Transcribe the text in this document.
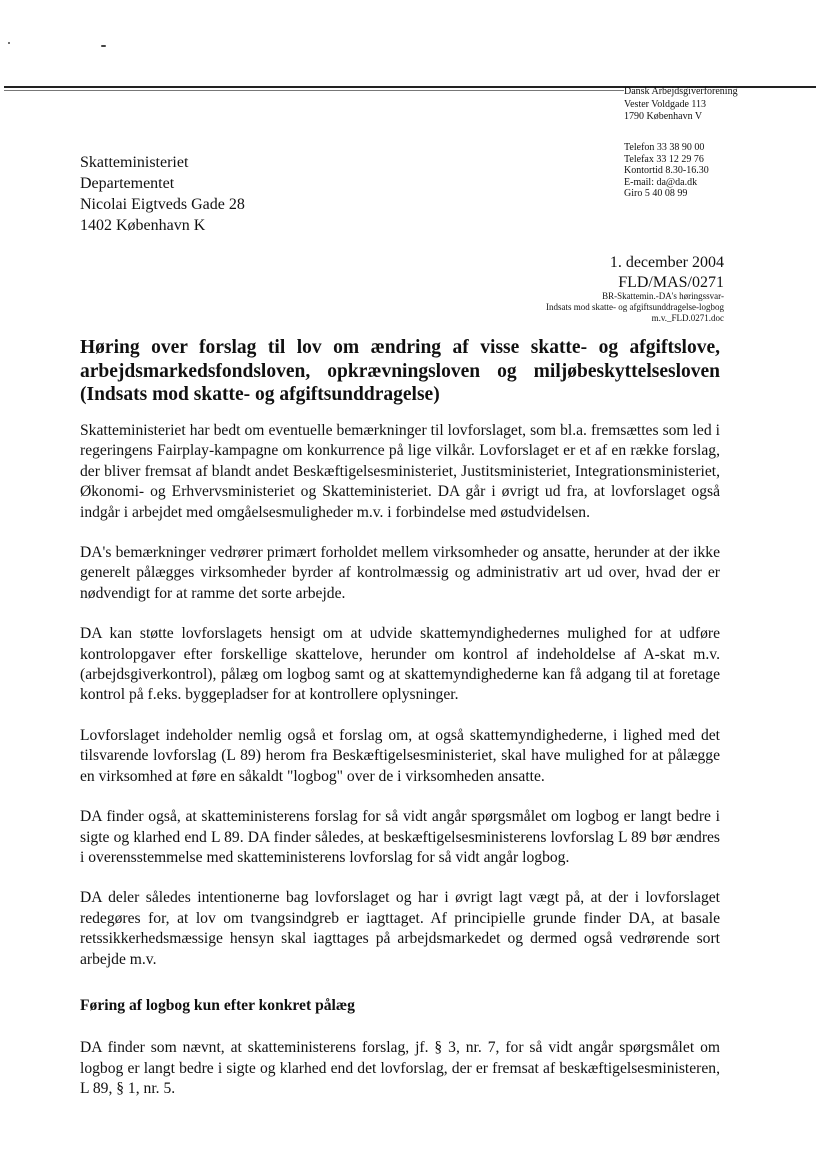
Dansk Arbejdsgiverforening
Vester Voldgade 113
1790 København V
Telefon 33 38 90 00
Telefax 33 12 29 76
Kontortid 8.30-16.30
E-mail: da@da.dk
Giro 5 40 08 99
Skatteministeriet
Departementet
Nicolai Eigtveds Gade 28
1402 København K
1. december 2004
FLD/MAS/0271
BR-Skattemin.-DA's høringssvar-
Indsats mod skatte- og afgiftsunddragelse-logbog
m.v._FLD.0271.doc
Høring over forslag til lov om ændring af visse skatte- og afgiftslove, arbejdsmarkedsfondsloven, opkrævningsloven og miljøbeskyttelsesloven (Indsats mod skatte- og afgiftsunddragelse)

Skatteministeriet har bedt om eventuelle bemærkninger til lovforslaget, som bl.a. fremsættes som led i regeringens Fairplay-kampagne om konkurrence på lige vilkår. Lovforslaget er et af en række forslag, der bliver fremsat af blandt andet Beskæftigelsesministeriet, Justitsministeriet, Integrationsministeriet, Økonomi- og Erhvervsministeriet og Skatteministeriet. DA går i øvrigt ud fra, at lovforslaget også indgår i arbejdet med omgåelsesmuligheder m.v. i forbindelse med østudvidelsen.

DA's bemærkninger vedrører primært forholdet mellem virksomheder og ansatte, herunder at der ikke generelt pålægges virksomheder byrder af kontrolmæssig og administrativ art ud over, hvad der er nødvendigt for at ramme det sorte arbejde.

DA kan støtte lovforslagets hensigt om at udvide skattemyndighedernes mulighed for at udføre kontrolopgaver efter forskellige skattelove, herunder om kontrol af indeholdelse af A-skat m.v. (arbejdsgiverkontrol), pålæg om logbog samt og at skattemyndighederne kan få adgang til at foretage kontrol på f.eks. byggepladser for at kontrollere oplysninger.

Lovforslaget indeholder nemlig også et forslag om, at også skattemyndighederne, i lighed med det tilsvarende lovforslag (L 89) herom fra Beskæftigelsesministeriet, skal have mulighed for at pålægge en virksomhed at føre en såkaldt "logbog" over de i virksomheden ansatte.

DA finder også, at skatteministerens forslag for så vidt angår spørgsmålet om logbog er langt bedre i sigte og klarhed end L 89. DA finder således, at beskæftigelsesministerens lovforslag L 89 bør ændres i overensstemmelse med skatteministerens lovforslag for så vidt angår logbog.

DA deler således intentionerne bag lovforslaget og har i øvrigt lagt vægt på, at der i lovforslaget redegøres for, at lov om tvangsindgreb er iagttaget. Af principielle grunde finder DA, at basale retssikkerhedsmæssige hensyn skal iagttages på arbejdsmarkedet og dermed også vedrørende sort arbejde m.v.

Føring af logbog kun efter konkret pålæg

DA finder som nævnt, at skatteministerens forslag, jf. § 3, nr. 7, for så vidt angår spørgsmålet om logbog er langt bedre i sigte og klarhed end det lovforslag, der er fremsat af beskæftigelsesministeren, L 89, § 1, nr. 5.
